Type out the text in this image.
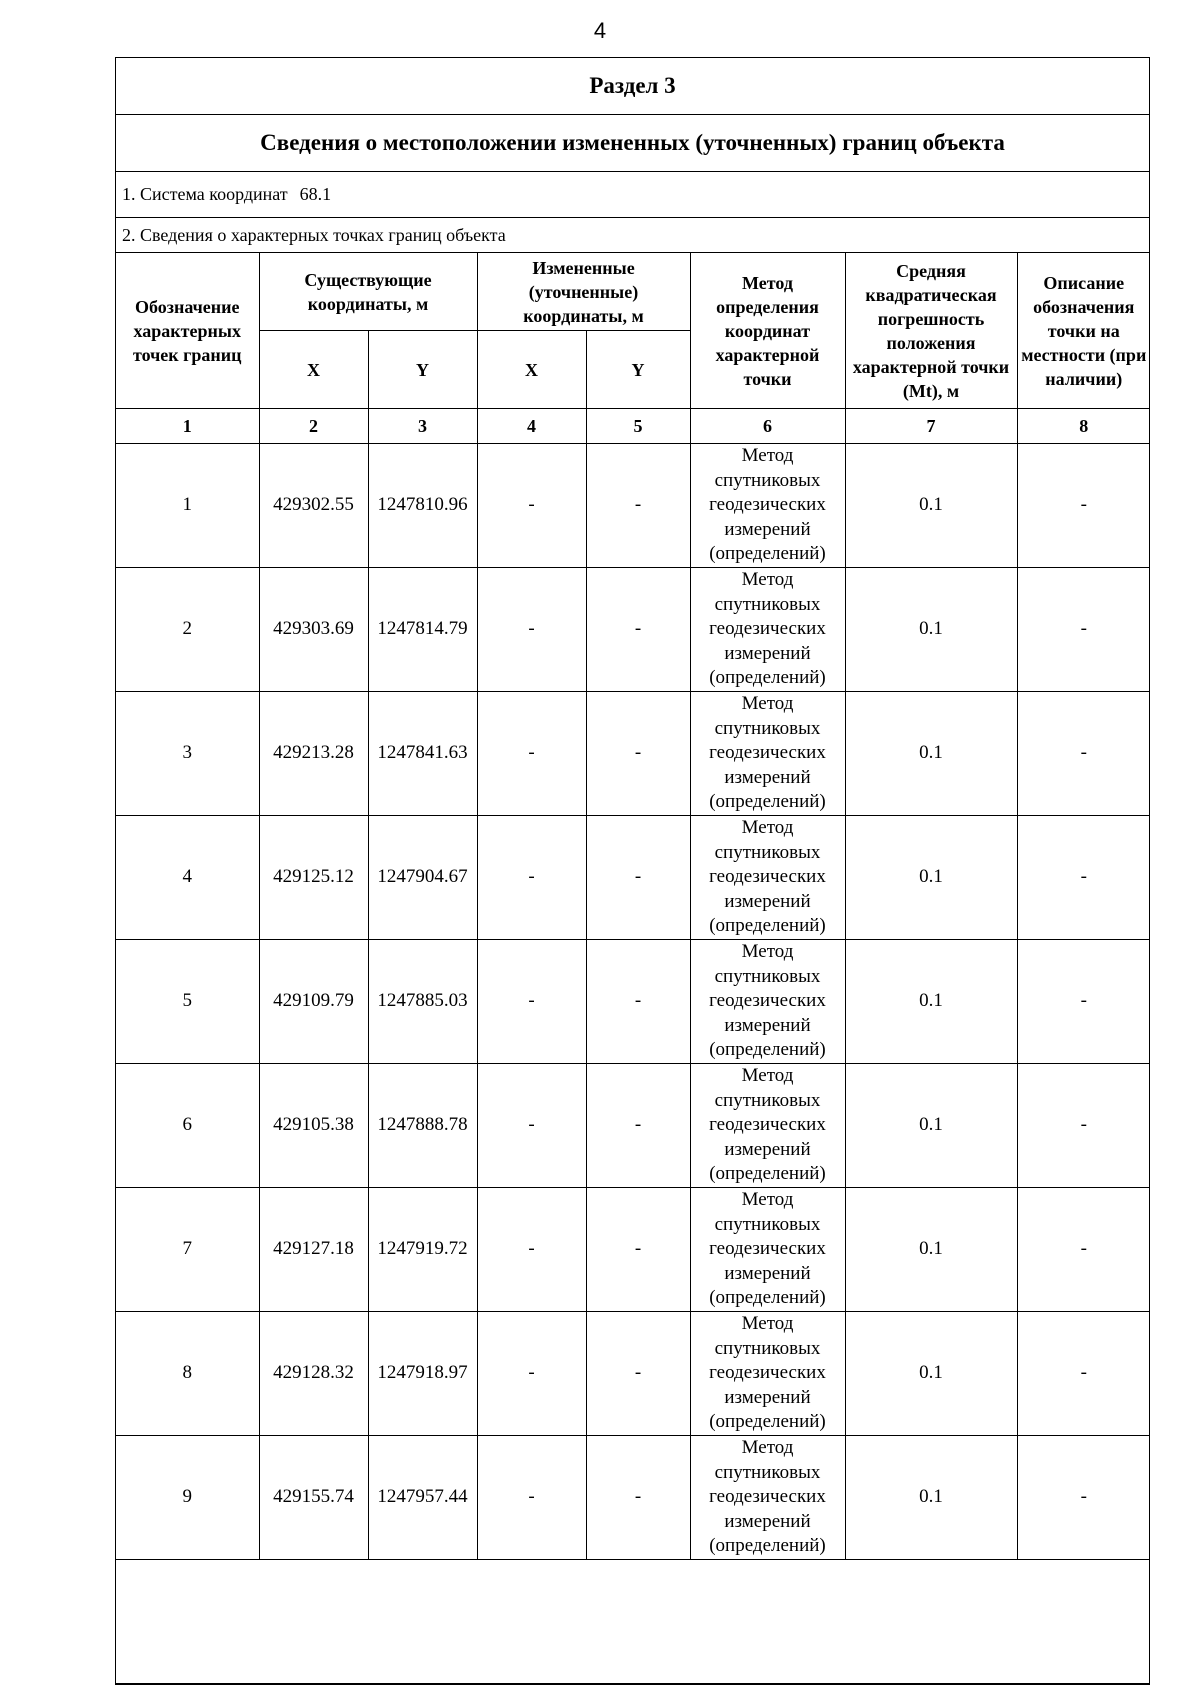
4
Раздел 3
Сведения о местоположении измененных (уточненных) границ объекта
1. Система координат 68.1
2. Сведения о характерных точках границ объекта
Обозначение характерных точек границ	Существующие координаты, м		Измененные (уточненные) координаты, м		Метод определения координат характерной точки	Средняя квадратическая погрешность положения характерной точки (Mt), м	Описание обозначения точки на местности (при наличии)
	X	Y	X	Y			
1	2	3	4	5	6	7	8
1	429302.55	1247810.96	-	-	Метод спутниковых геодезических измерений (определений)	0.1	-
2	429303.69	1247814.79	-	-	Метод спутниковых геодезических измерений (определений)	0.1	-
3	429213.28	1247841.63	-	-	Метод спутниковых геодезических измерений (определений)	0.1	-
4	429125.12	1247904.67	-	-	Метод спутниковых геодезических измерений (определений)	0.1	-
5	429109.79	1247885.03	-	-	Метод спутниковых геодезических измерений (определений)	0.1	-
6	429105.38	1247888.78	-	-	Метод спутниковых геодезических измерений (определений)	0.1	-
7	429127.18	1247919.72	-	-	Метод спутниковых геодезических измерений (определений)	0.1	-
8	429128.32	1247918.97	-	-	Метод спутниковых геодезических измерений (определений)	0.1	-
9	429155.74	1247957.44	-	-	Метод спутниковых геодезических измерений (определений)	0.1	-
